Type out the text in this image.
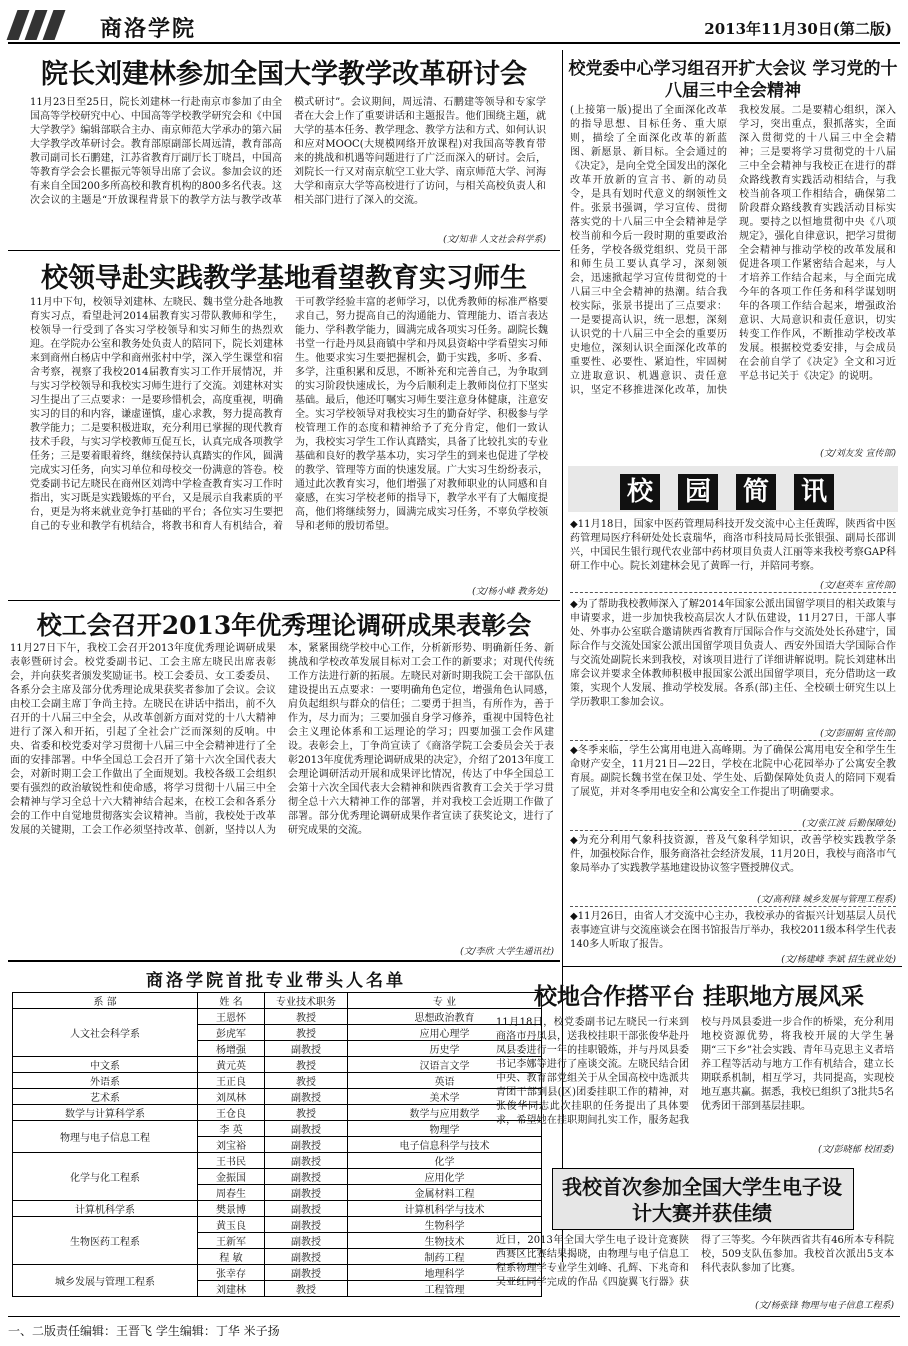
商洛学院	2013年11月30日(第二版)
院长刘建林参加全国大学教学改革研讨会
11月23日至25日，院长刘建林一行赴南京市参加了由全国高等学校研究中心、中国高等学校教学研究会和《中国大学教学》编辑部联合主办、南京师范大学承办的第六届大学教学改革研讨会。教育部原副部长周远清，教育部高教司副司长石鹏建，江苏省教育厅副厅长丁晓昌，中国高等教育学会会长瞿振元等领导出席了会议。参加会议的还有来自全国200多所高校和教育机构的800多名代表。这次会议的主题是“开放课程背景下的教学方法与教学改革模式研讨”。会议期间，周远清、石鹏建等领导和专家学者在大会上作了重要讲话和主题报告。他们围绕主题，就大学的基本任务、教学理念、教学方法和方式、如何认识和应对MOOC(大规模网络开放课程)对我国高等教育带来的挑战和机遇等问题进行了广泛而深入的研讨。会后，刘院长一行又对南京航空工业大学、南京师范大学、河海大学和南京大学等高校进行了访问，与相关高校负责人和相关部门进行了深入的交流。
(文/知非 人文社会科学系)
校领导赴实践教学基地看望教育实习师生
11月中下旬，校领导刘建林、左晓民、魏书堂分赴各地教育实习点，看望赴河2014届教育实习带队教师和学生，校领导一行受到了各实习学校领导和实习师生的热烈欢迎。在学院办公室和教务处负责人的陪同下，院长刘建林来到商州白杨店中学和商州张村中学，深入学生课堂和宿舍考察，视察了我校2014届教育实习工作开展情况，并与实习学校领导和我校实习师生进行了交流。刘建林对实习生提出了三点要求：一是要珍惜机会，高度重视，明确实习的目的和内容，谦虚谨慎，虚心求教，努力提高教育教学能力；二是要积极进取，充分利用已掌握的现代教育技术手段，与实习学校教师互促互长，认真完成各项教学任务；三是要着眼着终，继续保持认真踏实的作风，圆满完成实习任务，向实习单位和母校交一份满意的答卷。校党委副书记左晓民在商州区刘湾中学检查教育实习工作时指出，实习既是实践锻炼的平台，又是展示自我素质的平台，更是为将来就业竞争打基础的平台；各位实习生要把自己的专业和教学有机结合，将教书和育人有机结合，着干可教学经验丰富的老师学习，以优秀教师的标准严格要求自己，努力提高自己的沟通能力、管理能力、语言表达能力、学科教学能力，圆满完成各项实习任务。副院长魏书堂一行赴丹凤县商镇中学和丹凤县资峪中学看望实习师生。他要求实习生要把握机会，勤于实践，多听、多看、多学，注重积累和反思，不断补充和完善自己，为争取到的实习阶段快速成长，为今后顺利走上教师岗位打下坚实基础。最后，他还叮嘱实习师生要注意身体健康，注意安全。实习学校领导对我校实习生的勤奋好学、积极参与学校管理工作的态度和精神给予了充分肯定，他们一致认为，我校实习学生工作认真踏实，具备了比较扎实的专业基础和良好的教学基本功，实习学生的到来也促进了学校的教学、管理等方面的快速发展。广大实习生纷纷表示，通过此次教育实习，他们增强了对教师职业的认同感和自豪感，在实习学校老师的指导下，教学水平有了大幅度提高，他们将继续努力，圆满完成实习任务，不辜负学校领导和老师的殷切希望。
(文/杨小峰 教务处)
校党委中心学习组召开扩大会议 学习党的十八届三中全会精神
(上接第一版)提出了全面深化改革的指导思想、目标任务、重大原则，描绘了全面深化改革的新蓝图、新愿景、新目标。全会通过的《决定》，是向全党全国发出的深化改革开放新的宣言书、新的动员令，是具有划时代意义的纲领性文件。张景书强调，学习宣传、贯彻落实党的十八届三中全会精神是学校当前和今后一段时期的重要政治任务，学校各级党组织、党员干部和师生员工要认真学习，深刻领会，迅速掀起学习宣传贯彻党的十八届三中全会精神的热潮。结合我校实际，张景书提出了三点要求：一是要提高认识，统一思想，深刻认识党的十八届三中全会的重要历史地位，深刻认识全面深化改革的重要性、必要性、紧迫性，牢固树立进取意识、机遇意识、责任意识，坚定不移推进深化改革，加快我校发展。二是要精心组织，深入学习，突出重点，狠抓落实，全面深入贯彻党的十八届三中全会精神；三是要将学习贯彻党的十八届三中全会精神与我校正在进行的群众路线教育实践活动相结合，与我校当前各项工作相结合，确保第二阶段群众路线教育实践活动目标实现。要持之以恒地贯彻中央《八项规定》，强化自律意识，把学习贯彻全会精神与推动学校的改革发展和促进各项工作紧密结合起来，与人才培养工作结合起来，与全面完成今年的各项工作任务和科学谋划明年的各项工作结合起来，增强政治意识、大局意识和责任意识，切实转变工作作风，不断推动学校改革发展。根据校党委安排，与会成员在会前自学了《决定》全文和习近平总书记关于《决定》的说明。
(文/刘友发 宣传部)
校 园 简 讯
◆11月18日，国家中医药管理局科技开发交流中心主任黄晖，陕西省中医药管理局医疗科研处处长袁瑞华，商洛市科技局局长张银强、副局长邵训兴，中国民生银行现代农业部中药材项目负责人江丽等来我校考察GAP科研工作中心。院长刘建林会见了黄晖一行，并陪同考察。
(文/赵英车 宣传部)
◆为了帮助我校教师深入了解2014年国家公派出国留学项目的相关政策与申请要求，进一步加快我校高层次人才队伍建设，11月27日，干部人事处、外事办公室联合邀请陕西省教育厅国际合作与交流处处长孙建宁，国际合作与交流处国家公派出国留学项目负责人、西安外国语大学国际合作与交流处副院长来到我校，对该项目进行了详细讲解说明。院长刘建林出席会议并要求全体教师积极申报国家公派出国留学项目，充分借助这一政策，实现个人发展、推动学校发展。各系(部)主任、全校硕士研究生以上学历教职工参加会议。
(文/彭丽娟 宣传部)
◆冬季来临，学生公寓用电进入高峰期。为了确保公寓用电安全和学生生命财产安全，11月21日—22日，学校在北院中心花园举办了公寓安全教育展。副院长魏书堂在保卫处、学生处、后勤保障处负责人的陪同下观看了展览，并对冬季用电安全和公寓安全工作提出了明确要求。
(文/张江波 后勤保障处)
◆为充分利用气象科技资源，普及气象科学知识，改善学校实践教学条件，加强校际合作，服务商洛社会经济发展，11月20日，我校与商洛市气象局举办了实践教学基地建设协议签字暨授牌仪式。
(文/高利锋 城乡发展与管理工程系)
◆11月26日，由省人才交流中心主办，我校承办的省振兴计划基层人员代表事迹宣讲与交流座谈会在图书馆报告厅举办，我校2011级本科学生代表140多人听取了报告。
(文/杨建峰 李斌 招生就业处)
校工会召开2013年优秀理论调研成果表彰会
11月27日下午，我校工会召开2013年度优秀理论调研成果表彰暨研讨会。校党委副书记、工会主席左晓民出席表彰会，并向获奖者颁发奖励证书。校工会委员、女工委委员、各系分会主席及部分优秀理论成果获奖者参加了会议。会议由校工会副主席丁争尚主持。左晓民在讲话中指出，前不久召开的十八届三中全会，从改革创新方面对党的十八大精神进行了深入和开拓，引起了全社会广泛而深刻的反响。中央、省委和校党委对学习贯彻十八届三中全会精神进行了全面的安排部署。中华全国总工会召开了第十六次全国代表大会，对新时期工会工作做出了全面规划。我校各级工会组织要有强烈的政治敏锐性和使命感，将学习贯彻十八届三中全会精神与学习全总十六大精神结合起来，在校工会和各系分会的工作中自觉地贯彻落实会议精神。当前，我校处于改革发展的关键期，工会工作必须坚持改革、创新，坚持以人为本，紧紧围绕学校中心工作，分析新形势、明确新任务、新挑战和学校改革发展目标对工会工作的新要求；对现代传统工作方法进行新的拓展。左晓民对新时期我院工会干部队伍建设提出五点要求：一要明确角色定位，增强角色认同感，肩负起组织与群众的信任；二要勇于担当，有所作为，善于作为，尽力而为；三要加强自身学习修养，重视中国特色社会主义理论体系和工运理论的学习；四要加强工会作风建设。表彰会上，丁争尚宣读了《商洛学院工会委员会关于表彰2013年度优秀理论调研成果的决定》，介绍了2013年度工会理论调研活动开展和成果评比情况，传达了中华全国总工会第十六次全国代表大会精神和陕西省教育工会关于学习贯彻全总十六大精神工作的部署，并对我校工会近期工作做了部署。部分优秀理论调研成果作者宣读了获奖论文，进行了研究成果的交流。
(文/李欣 大学生通讯社)
商洛学院首批专业带头人名单
系 部	姓 名	专业技术职务	专 业
人文社会科学系	王恩怀	教授	思想政治教育
	彭虎军	教授	应用心理学
	杨增强	副教授	历史学
中文系	黄元英	教授	汉语言文学
外语系	王正良	教授	英语
艺术系	刘凤林	副教授	美术学
数学与计算科学系	王仓良	教授	数学与应用数学
物理与电子信息工程	李 英	副教授	物理学
	刘宝裕	副教授	电子信息科学与技术
化学与化工程系	王书民	副教授	化学
	金振国	副教授	应用化学
	周春生	副教授	金属材料工程
计算机科学系	樊景博	副教授	计算机科学与技术
生物医药工程系	黄玉良	副教授	生物科学
	王新军	副教授	生物技术
	程 敏	副教授	制药工程
城乡发展与管理工程系	张幸存	副教授	地理科学
	刘建林	教授	工程管理
校地合作搭平台 挂职地方展风采
11月18日，校党委副书记左晓民一行来到商洛市丹凤县，送我校挂职干部张俊华赴丹凤县委进行一年的挂职锻炼，并与丹凤县委书记李娜等进行了座谈交流。左晓民结合团中央、教育部党组关于从全国高校中选派共青团干部到县(区)团委挂职工作的精神，对张俊华同志此次挂职的任务提出了具体要求，希望她在挂职期间扎实工作，服务起我校与丹凤县委进一步合作的桥梁，充分利用地校资源优势，将我校开展的大学生暑期“三下乡”社会实践、青年马克思主义者培养工程等活动与地方工作有机结合，建立长期联系机制，相互学习，共同提高，实现校地互惠共赢。据悉，我校已组织了3批共5名优秀团干部到基层挂职。
(文/彭晓郁 校团委)
我校首次参加全国大学生电子设计大赛并获佳绩
近日，2013年全国大学生电子设计竞赛陕西赛区比赛结果揭晓，由物理与电子信息工程系物理学专业学生刘峰、孔辉、下兆奇和吴亚红同学完成的作品《四旋翼飞行器》获得了三等奖。今年陕西省共有46所本专科院校，509支队伍参加。我校首次派出5支本科代表队参加了比赛。
(文/杨张锋 物理与电子信息工程系)
一、二版责任编辑：王晋飞 学生编辑：丁华 米子扬
